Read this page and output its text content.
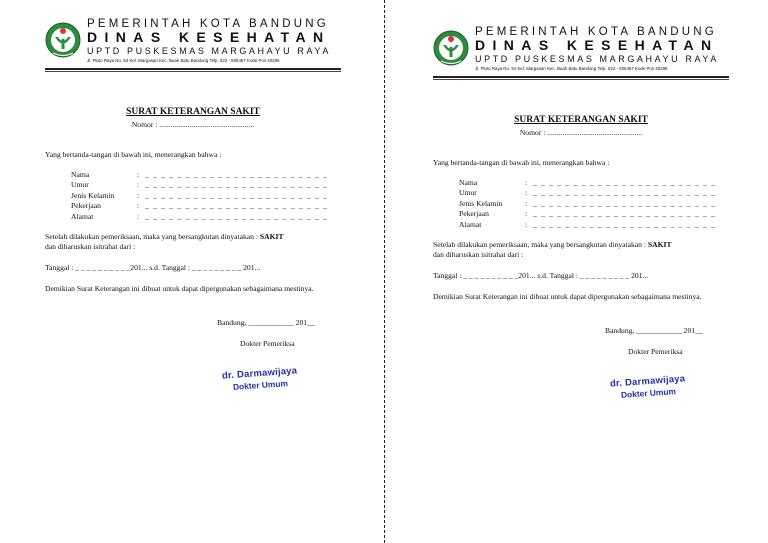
PEMERINTAH KOTA BANDUNG
DINAS KESEHATAN
UPTD PUSKESMAS MARGAHAYU RAYA
Jl. Pluto Raya No. 54 Kel. Margasari Kec. Buah Batu Bandung Telp. 022 - 505457 Kode Pos 40286
SURAT KETERANGAN SAKIT
Nomor : ..................................................
Yang bertanda-tangan di bawah ini, menerangkan bahwa :
Nama	: _ _ _ _ _ _ _ _ _ _ _ _ _ _ _ _ _ _ _ _ _ _ _
Umur	: _ _ _ _ _ _ _ _ _ _ _ _ _ _ _ _ _ _ _ _ _ _ _
Jenis Kelamin	: _ _ _ _ _ _ _ _ _ _ _ _ _ _ _ _ _ _ _ _ _ _ _
Pekerjaan	: _ _ _ _ _ _ _ _ _ _ _ _ _ _ _ _ _ _ _ _ _ _ _
Alamat	: _ _ _ _ _ _ _ _ _ _ _ _ _ _ _ _ _ _ _ _ _ _ _
Setelah dilakukan pemeriksaan, maka yang bersangkutan dinyatakan : SAKIT
dan diharuskan isitrahat dari :
Tanggal : _ _ _ _ _ _ _ _ _ _201... s.d. Tanggal : _ _ _ _ _ _ _ _ _ 201...
Demikian Surat Keterangan ini dibuat untuk dapat dipergunakan sebagaimana mestinya.
Bandung, ____________ 201__
Dokter Pemeriksa
dr. Darmawijaya
Dokter Umum
PEMERINTAH KOTA BANDUNG
DINAS KESEHATAN
UPTD PUSKESMAS MARGAHAYU RAYA
Jl. Pluto Raya No. 54 Kel. Margasari Kec. Buah Batu Bandung Telp. 022 - 505457 Kode Pos 40286
SURAT KETERANGAN SAKIT
Nomor : ..................................................
Yang bertanda-tangan di bawah ini, menerangkan bahwa :
Nama	: _ _ _ _ _ _ _ _ _ _ _ _ _ _ _ _ _ _ _ _ _ _ _
Umur	: _ _ _ _ _ _ _ _ _ _ _ _ _ _ _ _ _ _ _ _ _ _ _
Jenis Kelamin	: _ _ _ _ _ _ _ _ _ _ _ _ _ _ _ _ _ _ _ _ _ _ _
Pekerjaan	: _ _ _ _ _ _ _ _ _ _ _ _ _ _ _ _ _ _ _ _ _ _ _
Alamat	: _ _ _ _ _ _ _ _ _ _ _ _ _ _ _ _ _ _ _ _ _ _ _
Setelah dilakukan pemeriksaan, maka yang bersangkutan dinyatakan : SAKIT
dan diharuskan isitrahat dari :
Tanggal : _ _ _ _ _ _ _ _ _ _201... s.d. Tanggal : _ _ _ _ _ _ _ _ _ 201...
Demikian Surat Keterangan ini dibuat untuk dapat dipergunakan sebagaimana mestinya.
Bandung, ____________ 201__
Dokter Pemeriksa
dr. Darmawijaya
Dokter Umum
